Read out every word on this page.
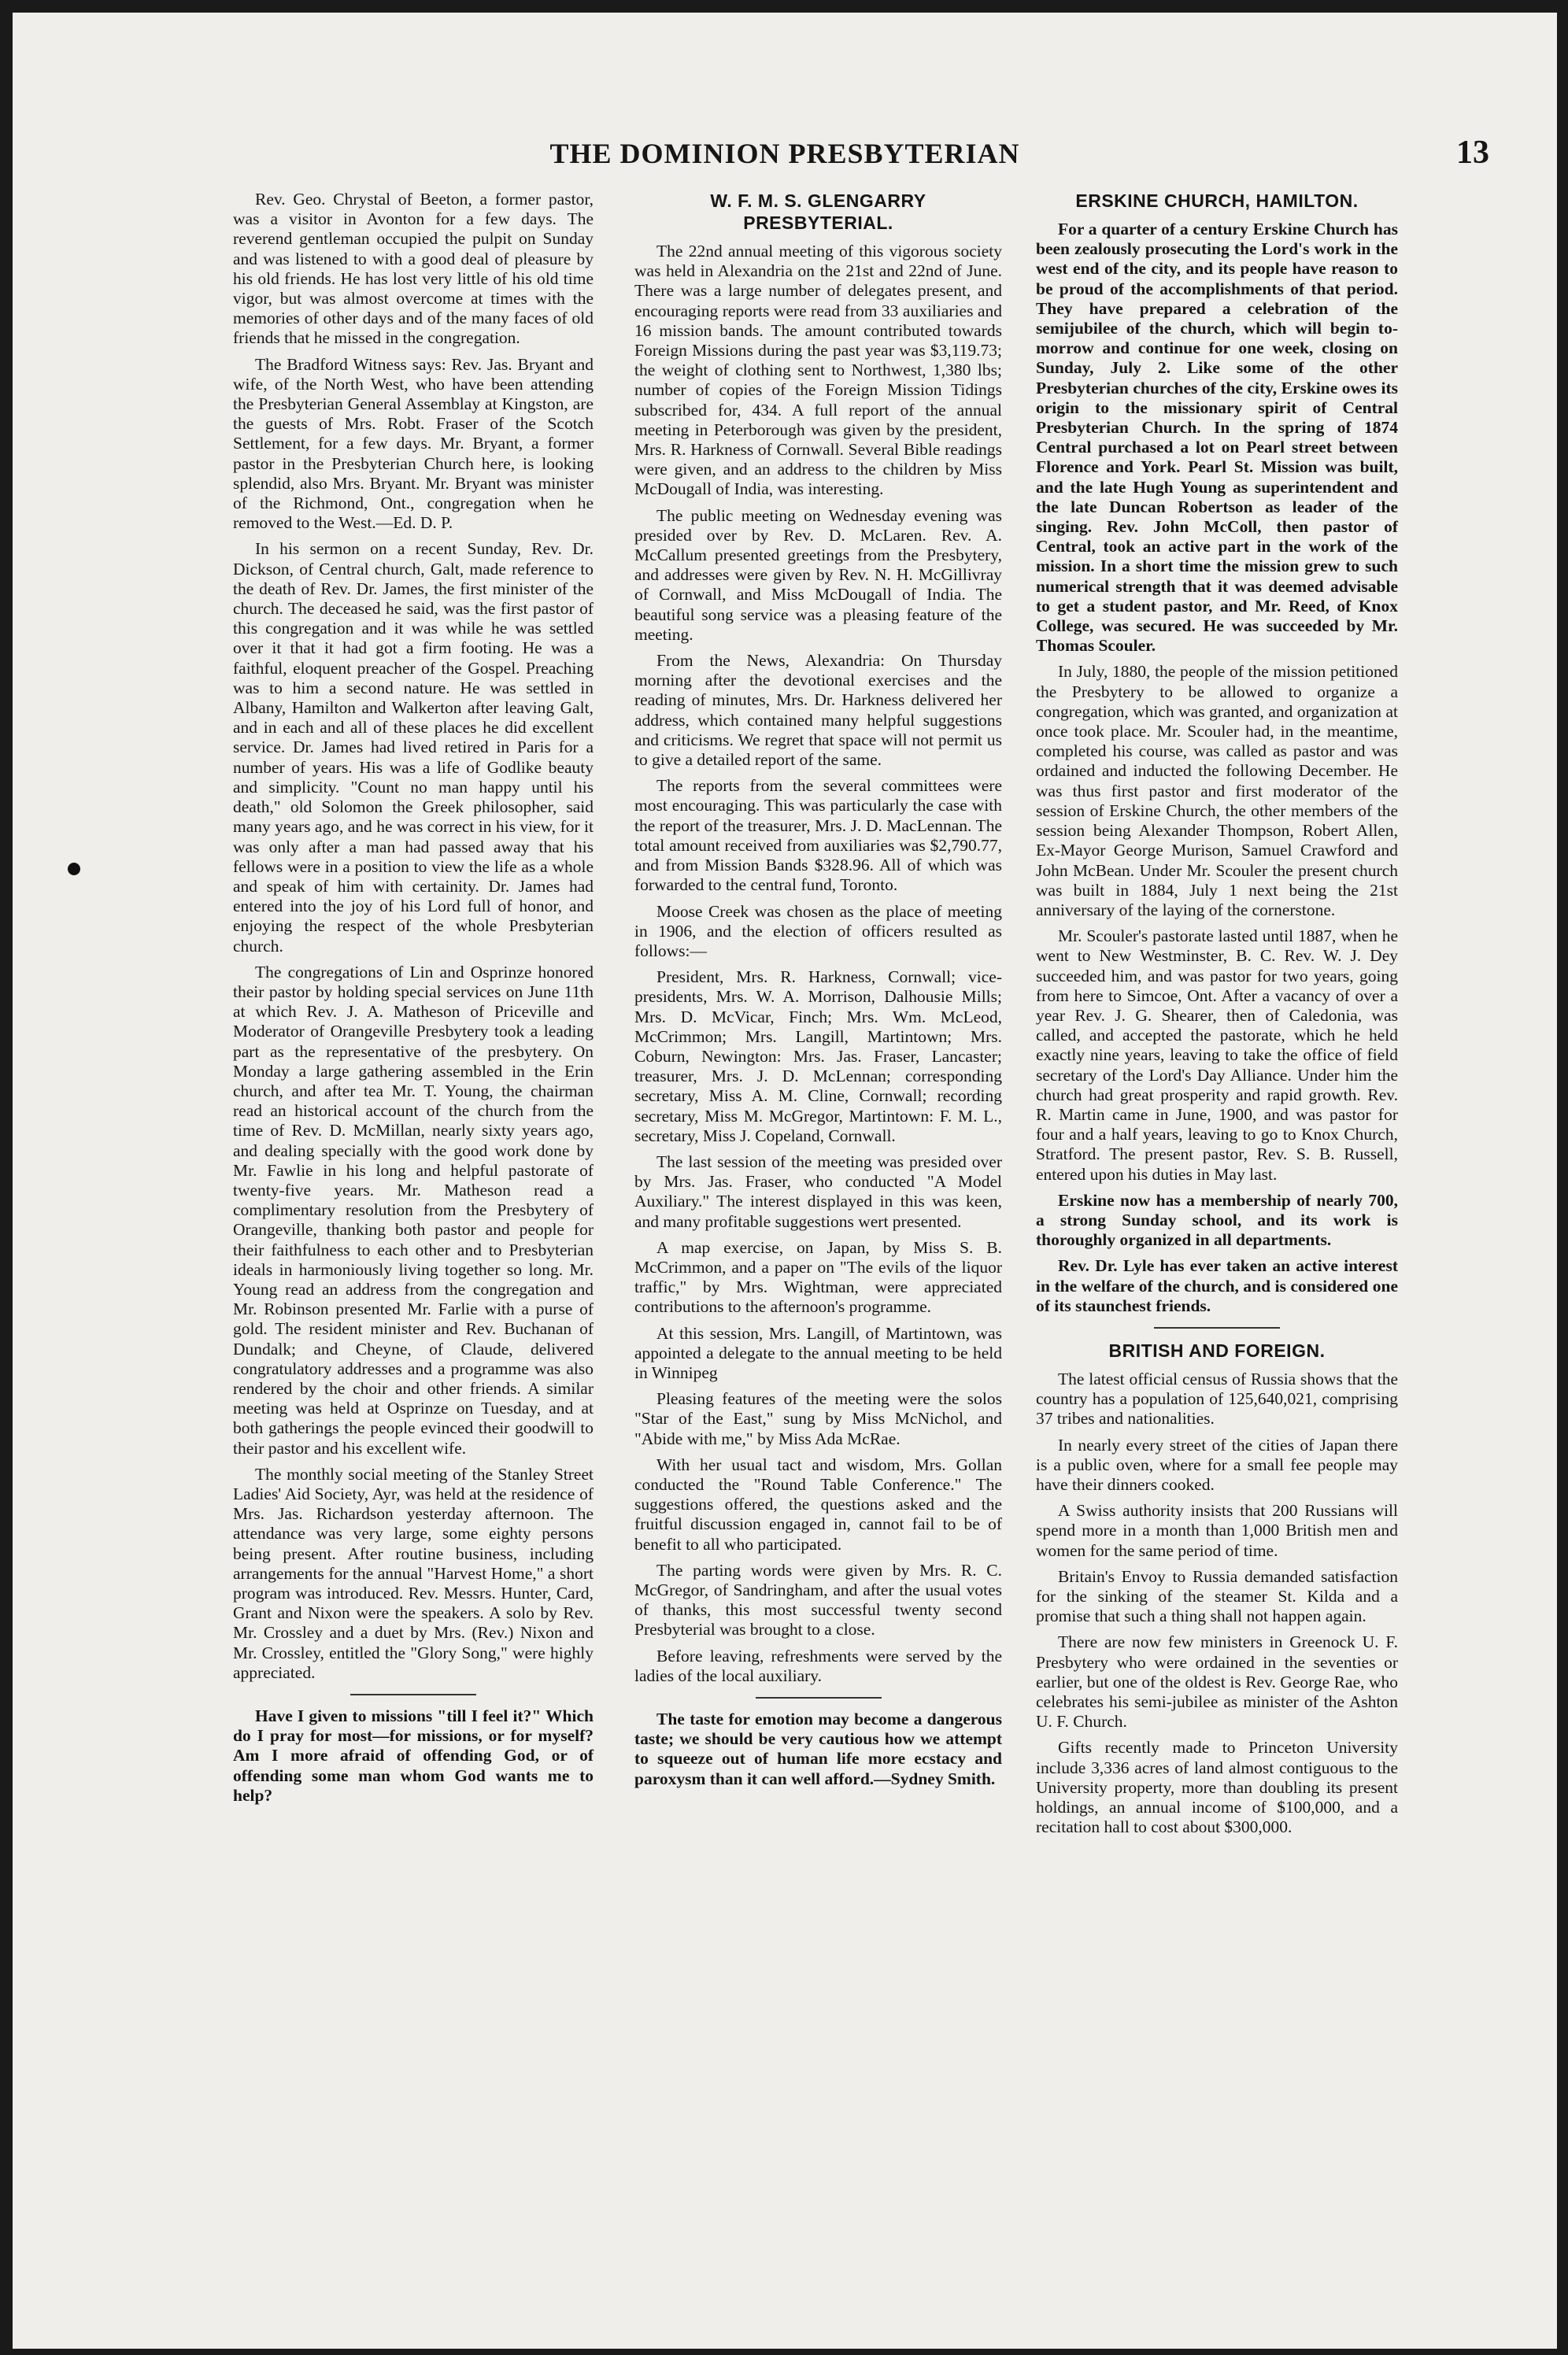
THE DOMINION PRESBYTERIAN	13

Rev. Geo. Chrystal of Beeton, a former pastor, was a visitor in Avonton for a few days. The reverend gentleman occupied the pulpit on Sunday and was listened to with a good deal of pleasure by his old friends. He has lost very little of his old time vigor, but was almost overcome at times with the memories of other days and of the many faces of old friends that he missed in the congregation.

The Bradford Witness says: Rev. Jas. Bryant and wife, of the North West, who have been attending the Presbyterian General Assemblay at Kingston, are the guests of Mrs. Robt. Fraser of the Scotch Settlement, for a few days. Mr. Bryant, a former pastor in the Presbyterian Church here, is looking splendid, also Mrs. Bryant. Mr. Bryant was minister of the Richmond, Ont., congregation when he removed to the West.—Ed. D. P.

In his sermon on a recent Sunday, Rev. Dr. Dickson, of Central church, Galt, made reference to the death of Rev. Dr. James, the first minister of the church. The deceased he said, was the first pastor of this congregation and it was while he was settled over it that it had got a firm footing. He was a faithful, eloquent preacher of the Gospel. Preaching was to him a second nature. He was settled in Albany, Hamilton and Walkerton after leaving Galt, and in each and all of these places he did excellent service. Dr. James had lived retired in Paris for a number of years. His was a life of Godlike beauty and simplicity. "Count no man happy until his death," old Solomon the Greek philosopher, said many years ago, and he was correct in his view, for it was only after a man had passed away that his fellows were in a position to view the life as a whole and speak of him with certainity. Dr. James had entered into the joy of his Lord full of honor, and enjoying the respect of the whole Presbyterian church.

The congregations of Lin and Osprinze honored their pastor by holding special services on June 11th at which Rev. J. A. Matheson of Priceville and Moderator of Orangeville Presbytery took a leading part as the representative of the presbytery. On Monday a large gathering assembled in the Erin church, and after tea Mr. T. Young, the chairman read an historical account of the church from the time of Rev. D. McMillan, nearly sixty years ago, and dealing specially with the good work done by Mr. Fawlie in his long and helpful pastorate of twenty-five years. Mr. Matheson read a complimentary resolution from the Presbytery of Orangeville, thanking both pastor and people for their faithfulness to each other and to Presbyterian ideals in harmoniously living together so long. Mr. Young read an address from the congregation and Mr. Robinson presented Mr. Farlie with a purse of gold. The resident minister and Rev. Buchanan of Dundalk; and Cheyne, of Claude, delivered congratulatory addresses and a programme was also rendered by the choir and other friends. A similar meeting was held at Osprinze on Tuesday, and at both gatherings the people evinced their goodwill to their pastor and his excellent wife.

The monthly social meeting of the Stanley Street Ladies' Aid Society, Ayr, was held at the residence of Mrs. Jas. Richardson yesterday afternoon. The attendance was very large, some eighty persons being present. After routine business, including arrangements for the annual "Harvest Home," a short program was introduced. Rev. Messrs. Hunter, Card, Grant and Nixon were the speakers. A solo by Rev. Mr. Crossley and a duet by Mrs. (Rev.) Nixon and Mr. Crossley, entitled the "Glory Song," were highly appreciated.

Have I given to missions "till I feel it?" Which do I pray for most—for missions, or for myself? Am I more afraid of offending God, or of offending some man whom God wants me to help?

W. F. M. S. GLENGARRY PRESBYTERIAL.

The 22nd annual meeting of this vigorous society was held in Alexandria on the 21st and 22nd of June. There was a large number of delegates present, and encouraging reports were read from 33 auxiliaries and 16 mission bands. The amount contributed towards Foreign Missions during the past year was $3,119.73; the weight of clothing sent to Northwest, 1,380 lbs; number of copies of the Foreign Mission Tidings subscribed for, 434. A full report of the annual meeting in Peterborough was given by the president, Mrs. R. Harkness of Cornwall. Several Bible readings were given, and an address to the children by Miss McDougall of India, was interesting.

The public meeting on Wednesday evening was presided over by Rev. D. McLaren. Rev. A. McCallum presented greetings from the Presbytery, and addresses were given by Rev. N. H. McGillivray of Cornwall, and Miss McDougall of India. The beautiful song service was a pleasing feature of the meeting.

From the News, Alexandria: On Thursday morning after the devotional exercises and the reading of minutes, Mrs. Dr. Harkness delivered her address, which contained many helpful suggestions and criticisms. We regret that space will not permit us to give a detailed report of the same.

The reports from the several committees were most encouraging. This was particularly the case with the report of the treasurer, Mrs. J. D. MacLennan. The total amount received from auxiliaries was $2,790.77, and from Mission Bands $328.96. All of which was forwarded to the central fund, Toronto.

Moose Creek was chosen as the place of meeting in 1906, and the election of officers resulted as follows:—

President, Mrs. R. Harkness, Cornwall; vice-presidents, Mrs. W. A. Morrison, Dalhousie Mills; Mrs. D. McVicar, Finch; Mrs. Wm. McLeod, McCrimmon; Mrs. Langill, Martintown; Mrs. Coburn, Newington: Mrs. Jas. Fraser, Lancaster; treasurer, Mrs. J. D. McLennan; corresponding secretary, Miss A. M. Cline, Cornwall; recording secretary, Miss M. McGregor, Martintown: F. M. L., secretary, Miss J. Copeland, Cornwall.

The last session of the meeting was presided over by Mrs. Jas. Fraser, who conducted "A Model Auxiliary." The interest displayed in this was keen, and many profitable suggestions wert presented.

A map exercise, on Japan, by Miss S. B. McCrimmon, and a paper on "The evils of the liquor traffic," by Mrs. Wightman, were appreciated contributions to the afternoon's programme.

At this session, Mrs. Langill, of Martintown, was appointed a delegate to the annual meeting to be held in Winnipeg

Pleasing features of the meeting were the solos "Star of the East," sung by Miss McNichol, and "Abide with me," by Miss Ada McRae.

With her usual tact and wisdom, Mrs. Gollan conducted the "Round Table Conference." The suggestions offered, the questions asked and the fruitful discussion engaged in, cannot fail to be of benefit to all who participated.

The parting words were given by Mrs. R. C. McGregor, of Sandringham, and after the usual votes of thanks, this most successful twenty second Presbyterial was brought to a close.

Before leaving, refreshments were served by the ladies of the local auxiliary.

The taste for emotion may become a dangerous taste; we should be very cautious how we attempt to squeeze out of human life more ecstacy and paroxysm than it can well afford.—Sydney Smith.

ERSKINE CHURCH, HAMILTON.

For a quarter of a century Erskine Church has been zealously prosecuting the Lord's work in the west end of the city, and its people have reason to be proud of the accomplishments of that period. They have prepared a celebration of the semijubilee of the church, which will begin to-morrow and continue for one week, closing on Sunday, July 2. Like some of the other Presbyterian churches of the city, Erskine owes its origin to the missionary spirit of Central Presbyterian Church. In the spring of 1874 Central purchased a lot on Pearl street between Florence and York. Pearl St. Mission was built, and the late Hugh Young as superintendent and the late Duncan Robertson as leader of the singing. Rev. John McColl, then pastor of Central, took an active part in the work of the mission. In a short time the mission grew to such numerical strength that it was deemed advisable to get a student pastor, and Mr. Reed, of Knox College, was secured. He was succeeded by Mr. Thomas Scouler.

In July, 1880, the people of the mission petitioned the Presbytery to be allowed to organize a congregation, which was granted, and organization at once took place. Mr. Scouler had, in the meantime, completed his course, was called as pastor and was ordained and inducted the following December. He was thus first pastor and first moderator of the session of Erskine Church, the other members of the session being Alexander Thompson, Robert Allen, Ex-Mayor George Murison, Samuel Crawford and John McBean. Under Mr. Scouler the present church was built in 1884, July 1 next being the 21st anniversary of the laying of the cornerstone.

Mr. Scouler's pastorate lasted until 1887, when he went to New Westminster, B. C. Rev. W. J. Dey succeeded him, and was pastor for two years, going from here to Simcoe, Ont. After a vacancy of over a year Rev. J. G. Shearer, then of Caledonia, was called, and accepted the pastorate, which he held exactly nine years, leaving to take the office of field secretary of the Lord's Day Alliance. Under him the church had great prosperity and rapid growth. Rev. R. Martin came in June, 1900, and was pastor for four and a half years, leaving to go to Knox Church, Stratford. The present pastor, Rev. S. B. Russell, entered upon his duties in May last.

Erskine now has a membership of nearly 700, a strong Sunday school, and its work is thoroughly organized in all departments.

Rev. Dr. Lyle has ever taken an active interest in the welfare of the church, and is considered one of its staunchest friends.

BRITISH AND FOREIGN.

The latest official census of Russia shows that the country has a population of 125,640,021, comprising 37 tribes and nationalities.

In nearly every street of the cities of Japan there is a public oven, where for a small fee people may have their dinners cooked.

A Swiss authority insists that 200 Russians will spend more in a month than 1,000 British men and women for the same period of time.

Britain's Envoy to Russia demanded satisfaction for the sinking of the steamer St. Kilda and a promise that such a thing shall not happen again.

There are now few ministers in Greenock U. F. Presbytery who were ordained in the seventies or earlier, but one of the oldest is Rev. George Rae, who celebrates his semi-jubilee as minister of the Ashton U. F. Church.

Gifts recently made to Princeton University include 3,336 acres of land almost contiguous to the University property, more than doubling its present holdings, an annual income of $100,000, and a recitation hall to cost about $300,000.
